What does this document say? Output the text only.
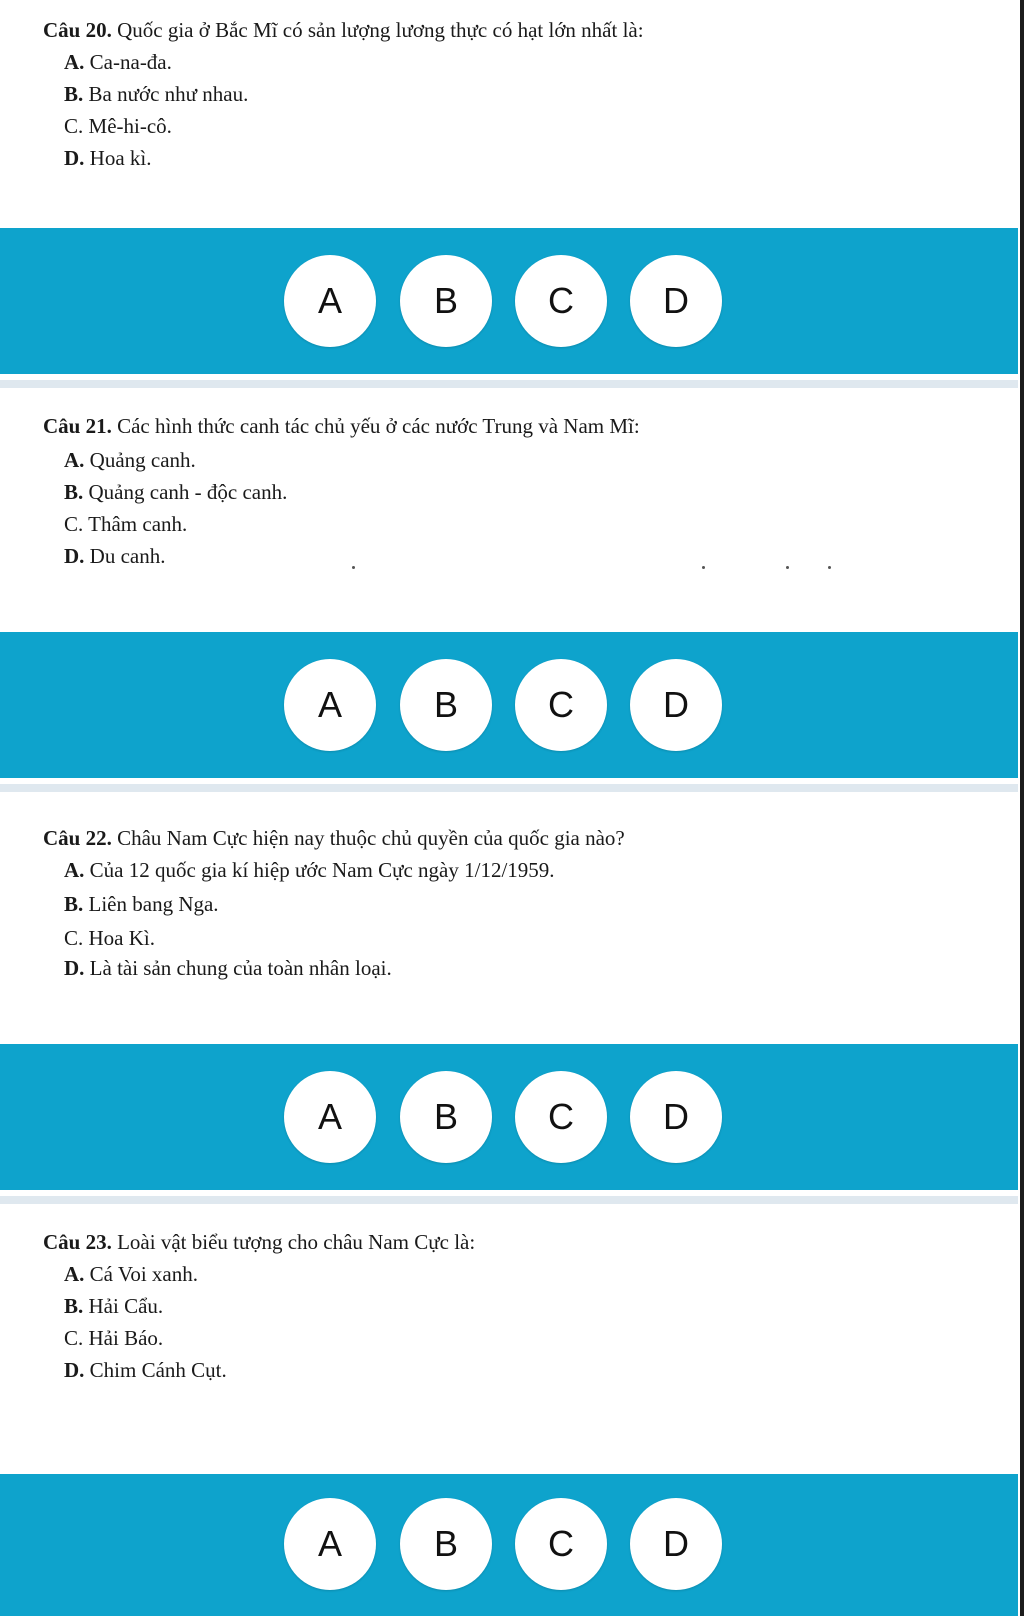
Câu 20. Quốc gia ở Bắc Mĩ có sản lượng lương thực có hạt lớn nhất là:
A. Ca-na-đa.
B. Ba nước như nhau.
C. Mê-hi-cô.
D. Hoa kì.
A	B	C	D
Câu 21. Các hình thức canh tác chủ yếu ở các nước Trung và Nam Mĩ:
A. Quảng canh.
B. Quảng canh - độc canh.
C. Thâm canh.
D. Du canh.
A	B	C	D
Câu 22. Châu Nam Cực hiện nay thuộc chủ quyền của quốc gia nào?
A. Của 12 quốc gia kí hiệp ước Nam Cực ngày 1/12/1959.
B. Liên bang Nga.
C. Hoa Kì.
D. Là tài sản chung của toàn nhân loại.
A	B	C	D
Câu 23. Loài vật biểu tượng cho châu Nam Cực là:
A. Cá Voi xanh.
B. Hải Cẩu.
C. Hải Báo.
D. Chim Cánh Cụt.
A	B	C	D
